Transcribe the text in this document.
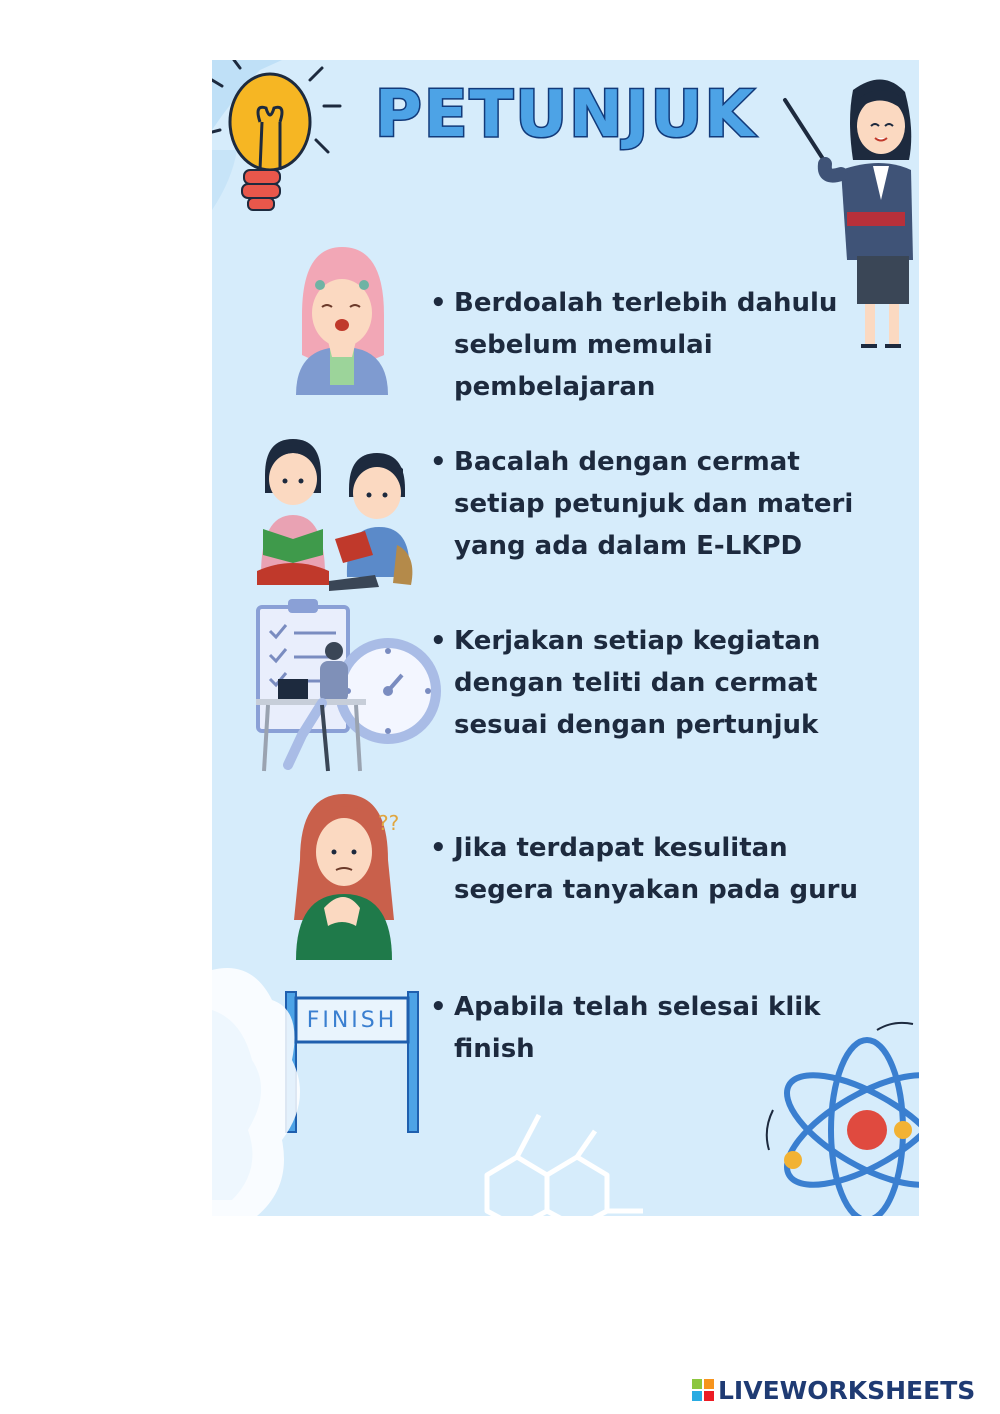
PETUNJUK
??
FINISH
• Berdoalah terlebih dahulu
sebelum memulai
pembelajaran
• Bacalah dengan cermat
setiap petunjuk dan materi
yang ada dalam E-LKPD
• Kerjakan setiap kegiatan
dengan teliti dan cermat
sesuai dengan pertunjuk
• Jika terdapat kesulitan
segera tanyakan pada guru
• Apabila telah selesai klik
finish
LIVEWORKSHEETS
